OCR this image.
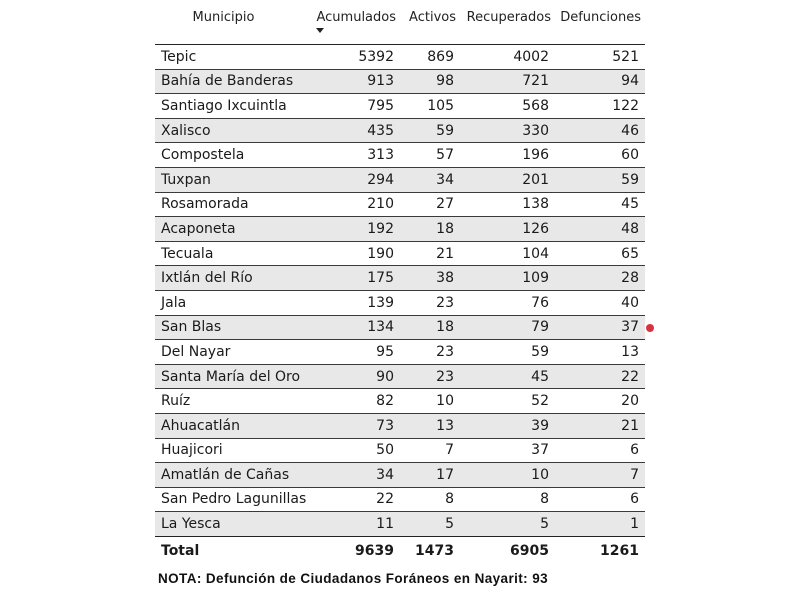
Municipio	Acumulados	Activos	Recuperados	Defunciones
Tepic	5392	869	4002	521
Bahía de Banderas	913	98	721	94
Santiago Ixcuintla	795	105	568	122
Xalisco	435	59	330	46
Compostela	313	57	196	60
Tuxpan	294	34	201	59
Rosamorada	210	27	138	45
Acaponeta	192	18	126	48
Tecuala	190	21	104	65
Ixtlán del Río	175	38	109	28
Jala	139	23	76	40
San Blas	134	18	79	37
Del Nayar	95	23	59	13
Santa María del Oro	90	23	45	22
Ruíz	82	10	52	20
Ahuacatlán	73	13	39	21
Huajicori	50	7	37	6
Amatlán de Cañas	34	17	10	7
San Pedro Lagunillas	22	8	8	6
La Yesca	11	5	5	1
Total	9639	1473	6905	1261
NOTA: Defunción de Ciudadanos Foráneos en Nayarit: 93
